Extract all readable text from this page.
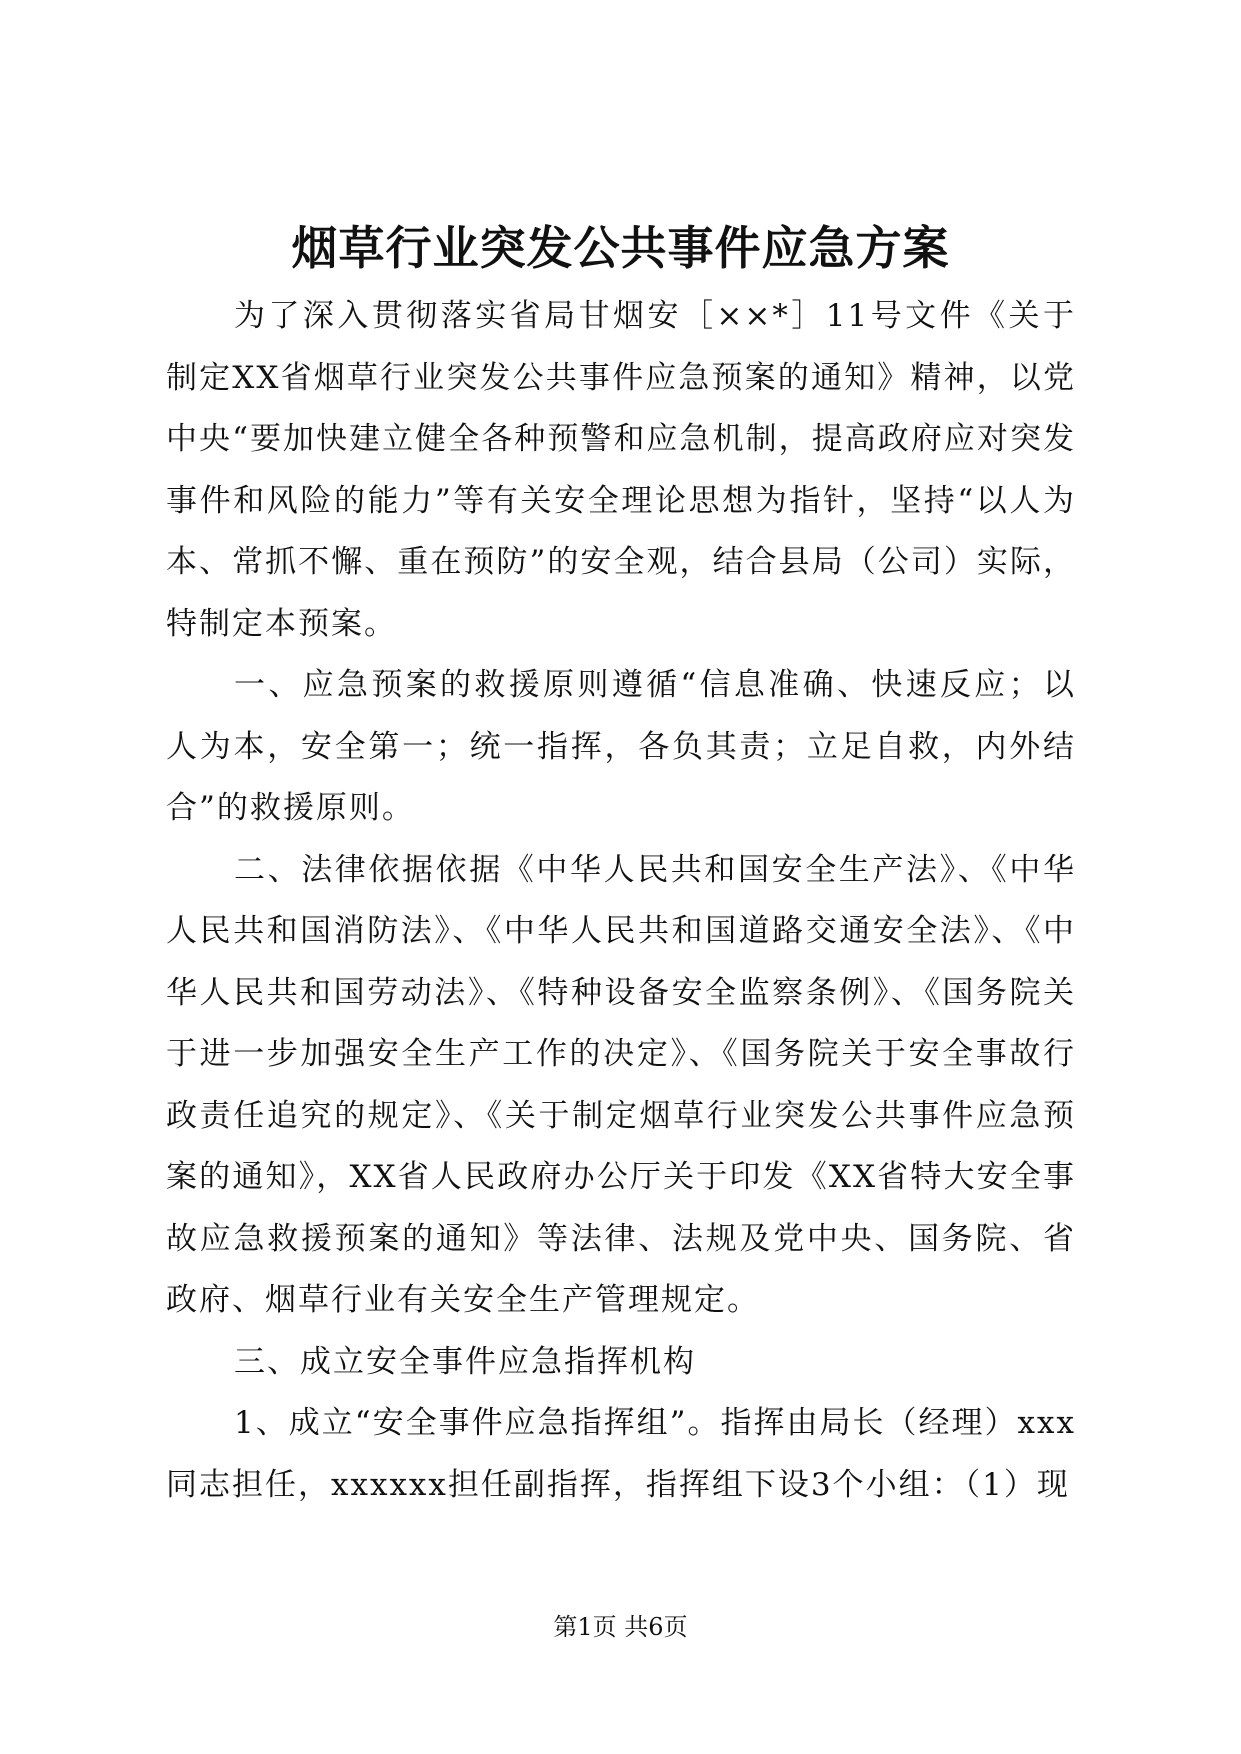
烟草行业突发公共事件应急方案

为了深入贯彻落实省局甘烟安［××*］11号文件《关于制定XX省烟草行业突发公共事件应急预案的通知》精神，以党中央“要加快建立健全各种预警和应急机制，提高政府应对突发事件和风险的能力”等有关安全理论思想为指针，坚持“以人为本、常抓不懈、重在预防”的安全观，结合县局（公司）实际，特制定本预案。

一、应急预案的救援原则遵循“信息准确、快速反应；以人为本，安全第一；统一指挥，各负其责；立足自救，内外结合”的救援原则。

二、法律依据依据《中华人民共和国安全生产法》、《中华人民共和国消防法》、《中华人民共和国道路交通安全法》、《中华人民共和国劳动法》、《特种设备安全监察条例》、《国务院关于进一步加强安全生产工作的决定》、《国务院关于安全事故行政责任追究的规定》、《关于制定烟草行业突发公共事件应急预案的通知》，XX省人民政府办公厅关于印发《XX省特大安全事故应急救援预案的通知》等法律、法规及党中央、国务院、省政府、烟草行业有关安全生产管理规定。

三、成立安全事件应急指挥机构

1、成立“安全事件应急指挥组”。指挥由局长（经理）xxx同志担任，xxxxxx担任副指挥，指挥组下设3个小组：（1）现

第1页 共6页
